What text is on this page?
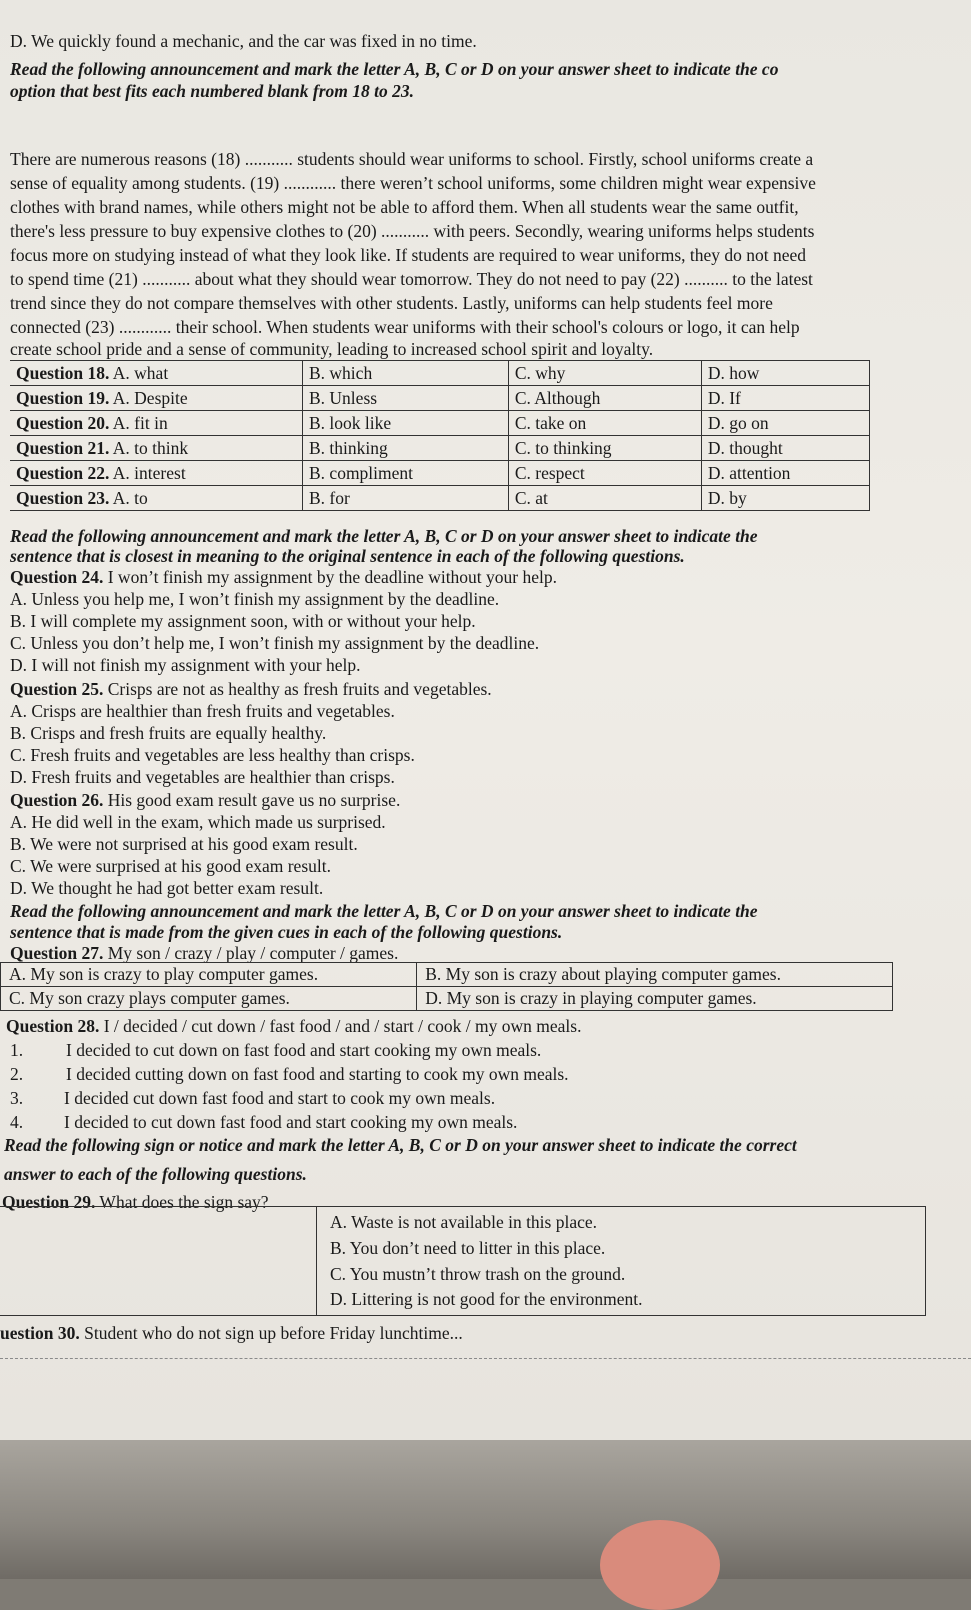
D. We quickly found a mechanic, and the car was fixed in no time.
Read the following announcement and mark the letter A, B, C or D on your answer sheet to indicate the co
option that best fits each numbered blank from 18 to 23.
There are numerous reasons (18) ........... students should wear uniforms to school. Firstly, school uniforms create a
sense of equality among students. (19) ............ there weren’t school uniforms, some children might wear expensive
clothes with brand names, while others might not be able to afford them. When all students wear the same outfit,
there's less pressure to buy expensive clothes to (20) ........... with peers. Secondly, wearing uniforms helps students
focus more on studying instead of what they look like. If students are required to wear uniforms, they do not need
to spend time (21) ........... about what they should wear tomorrow. They do not need to pay (22) .......... to the latest
trend since they do not compare themselves with other students. Lastly, uniforms can help students feel more
connected (23) ............ their school. When students wear uniforms with their school's colours or logo, it can help
create school pride and a sense of community, leading to increased school spirit and loyalty.
Question 18. A. what	B. which	C. why	D. how
Question 19. A. Despite	B. Unless	C. Although	D. If
Question 20. A. fit in	B. look like	C. take on	D. go on
Question 21. A. to think	B. thinking	C. to thinking	D. thought
Question 22. A. interest	B. compliment	C. respect	D. attention
Question 23. A. to	B. for	C. at	D. by
Read the following announcement and mark the letter A, B, C or D on your answer sheet to indicate the
sentence that is closest in meaning to the original sentence in each of the following questions.
Question 24. I won’t finish my assignment by the deadline without your help.
A. Unless you help me, I won’t finish my assignment by the deadline.
B. I will complete my assignment soon, with or without your help.
C. Unless you don’t help me, I won’t finish my assignment by the deadline.
D. I will not finish my assignment with your help.
Question 25. Crisps are not as healthy as fresh fruits and vegetables.
A. Crisps are healthier than fresh fruits and vegetables.
B. Crisps and fresh fruits are equally healthy.
C. Fresh fruits and vegetables are less healthy than crisps.
D. Fresh fruits and vegetables are healthier than crisps.
Question 26. His good exam result gave us no surprise.
A. He did well in the exam, which made us surprised.
B. We were not surprised at his good exam result.
C. We were surprised at his good exam result.
D. We thought he had got better exam result.
Read the following announcement and mark the letter A, B, C or D on your answer sheet to indicate the
sentence that is made from the given cues in each of the following questions.
Question 27. My son / crazy / play / computer / games.
A. My son is crazy to play computer games.	B. My son is crazy about playing computer games.
C. My son crazy plays computer games.	D. My son is crazy in playing computer games.
Question 28. I / decided / cut down / fast food / and / start / cook / my own meals.
1. I decided to cut down on fast food and start cooking my own meals.
2. I decided cutting down on fast food and starting to cook my own meals.
3. I decided cut down fast food and start to cook my own meals.
4. I decided to cut down fast food and start cooking my own meals.
Read the following sign or notice and mark the letter A, B, C or D on your answer sheet to indicate the correct
answer to each of the following questions.
Question 29. What does the sign say?
A. Waste is not available in this place.
B. You don’t need to litter in this place.
C. You mustn’t throw trash on the ground.
D. Littering is not good for the environment.
uestion 30. Student who do not sign up before Friday lunchtime...
